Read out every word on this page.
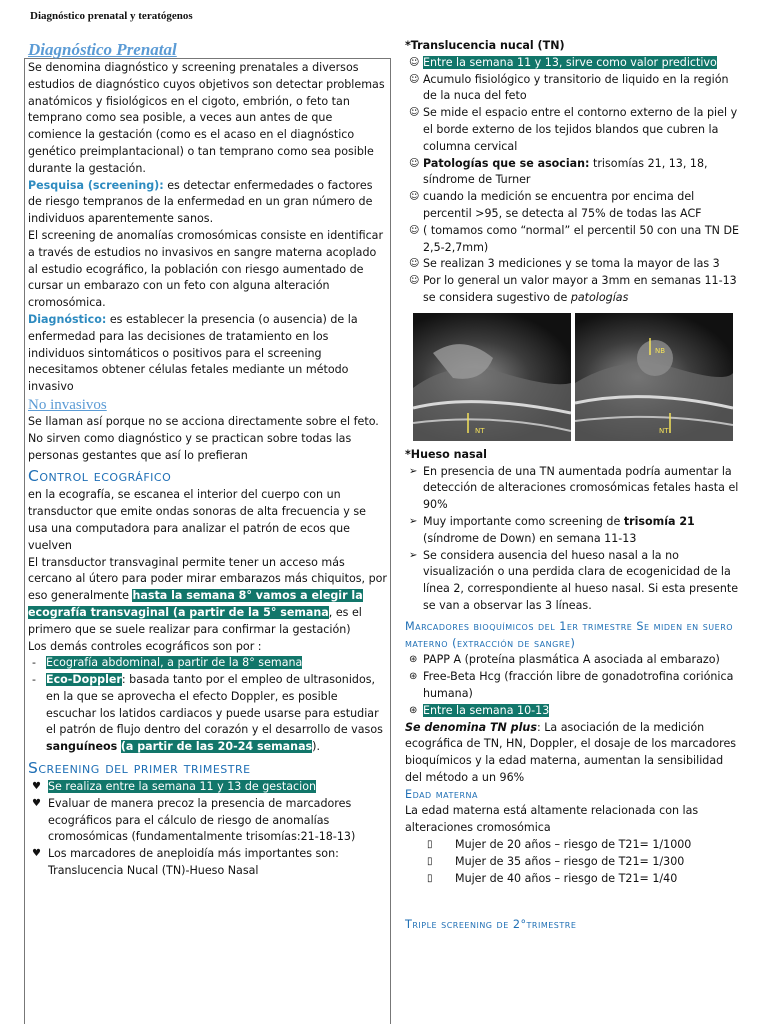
Diagnóstico prenatal y teratógenos

Diagnóstico Prenatal

Se denomina diagnóstico y screening prenatales a diversos estudios de diagnóstico cuyos objetivos son detectar problemas anatómicos y fisiológicos en el cigoto, embrión, o feto tan temprano como sea posible, a veces aun antes de que comience la gestación (como es el acaso en el diagnóstico genético preimplantacional) o tan temprano como sea posible durante la gestación.

Pesquisa (screening): es detectar enfermedades o factores de riesgo tempranos de la enfermedad en un gran número de individuos aparentemente sanos.

El screening de anomalías cromosómicas consiste en identificar a través de estudios no invasivos en sangre materna acoplado al estudio ecográfico, la población con riesgo aumentado de cursar un embarazo con un feto con alguna alteración cromosómica.

Diagnóstico: es establecer la presencia (o ausencia) de la enfermedad para las decisiones de tratamiento en los individuos sintomáticos o positivos para el screening necesitamos obtener células fetales mediante un método invasivo

No invasivos

Se llaman así porque no se acciona directamente sobre el feto. No sirven como diagnóstico y se practican sobre todas las personas gestantes que así lo prefieran

Control ecográfico

en la ecografía, se escanea el interior del cuerpo con un transductor que emite ondas sonoras de alta frecuencia y se usa una computadora para analizar el patrón de ecos que vuelven

El transductor transvaginal permite tener un acceso más cercano al útero para poder mirar embarazos más chiquitos, por eso generalmente hasta la semana 8° vamos a elegir la ecografía transvaginal (a partir de la 5° semana, es el primero que se suele realizar para confirmar la gestación)

Los demás controles ecográficos son por :

- Ecografía abdominal, a partir de la 8° semana
- Eco-Doppler: basada tanto por el empleo de ultrasonidos, en la que se aprovecha el efecto Doppler, es posible escuchar los latidos cardiacos y puede usarse para estudiar el patrón de flujo dentro del corazón y el desarrollo de vasos sanguíneos (a partir de las 20-24 semanas).

Screening del primer trimestre

♥ Se realiza entre la semana 11 y 13 de gestacion
♥ Evaluar de manera precoz la presencia de marcadores ecográficos para el cálculo de riesgo de anomalías cromosómicas (fundamentalmente trisomías:21-18-13)
♥ Los marcadores de aneploidía más importantes son: Translucencia Nucal (TN)-Hueso Nasal

*Translucencia nucal (TN)

☺ Entre la semana 11 y 13, sirve como valor predictivo
☺ Acumulo fisiológico y transitorio de liquido en la región de la nuca del feto
☺ Se mide el espacio entre el contorno externo de la piel y el borde externo de los tejidos blandos que cubren la columna cervical
☺ Patologías que se asocian: trisomías 21, 13, 18, síndrome de Turner
☺ cuando la medición se encuentra por encima del percentil >95, se detecta al 75% de todas las ACF
☺ ( tomamos como “normal” el percentil 50 con una TN DE 2,5-2,7mm)
☺ Se realizan 3 mediciones y se toma la mayor de las 3
☺ Por lo general un valor mayor a 3mm en semanas 11-13 se considera sugestivo de patologías
NT	NT
NB

*Hueso nasal

➢ En presencia de una TN aumentada podría aumentar la detección de alteraciones cromosómicas fetales hasta el 90%
➢ Muy importante como screening de trisomía 21 (síndrome de Down) en semana 11-13
➢ Se considera ausencia del hueso nasal a la no visualización o una perdida clara de ecogenicidad de la línea 2, correspondiente al hueso nasal. Si esta presente se van a observar las 3 líneas.

Marcadores bioquímicos del 1er trimestre Se miden en suero materno (extracción de sangre)

⊛ PAPP A (proteína plasmática A asociada al embarazo)
⊛ Free-Beta Hcg (fracción libre de gonadotrofina coriónica humana)
⊛ Entre la semana 10-13

Se denomina TN plus: La asociación de la medición ecográfica de TN, HN, Doppler, el dosaje de los marcadores bioquímicos y la edad materna, aumentan la sensibilidad del método a un 96%

Edad materna

La edad materna está altamente relacionada con las alteraciones cromosómica

▯ Mujer de 20 años – riesgo de T21= 1/1000
▯ Mujer de 35 años – riesgo de T21= 1/300
▯ Mujer de 40 años – riesgo de T21= 1/40

Triple screening de 2°trimestre
